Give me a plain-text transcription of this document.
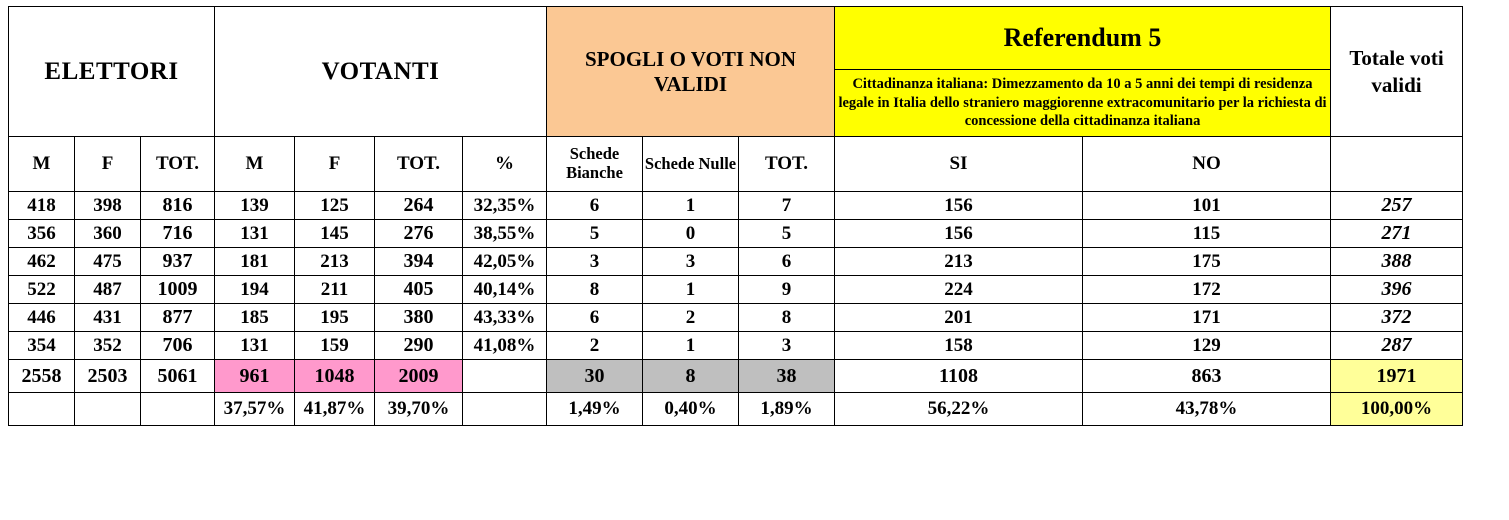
ELETTORI			VOTANTI				SPOGLI O VOTI NON VALIDI			Referendum 5		Totale voti validi
										Cittadinanza italiana: Dimezzamento da 10 a 5 anni dei tempi di residenza legale in Italia dello straniero maggiorenne extracomunitario per la richiesta di concessione della cittadinanza italiana		
M	F	TOT.	M	F	TOT.	%	Schede Bianche	Schede Nulle	TOT.	SI	NO	
418	398	816	139	125	264	32,35%	6	1	7	156	101	257
356	360	716	131	145	276	38,55%	5	0	5	156	115	271
462	475	937	181	213	394	42,05%	3	3	6	213	175	388
522	487	1009	194	211	405	40,14%	8	1	9	224	172	396
446	431	877	185	195	380	43,33%	6	2	8	201	171	372
354	352	706	131	159	290	41,08%	2	1	3	158	129	287
2558	2503	5061	961	1048	2009		30	8	38	1108	863	1971
			37,57%	41,87%	39,70%		1,49%	0,40%	1,89%	56,22%	43,78%	100,00%
